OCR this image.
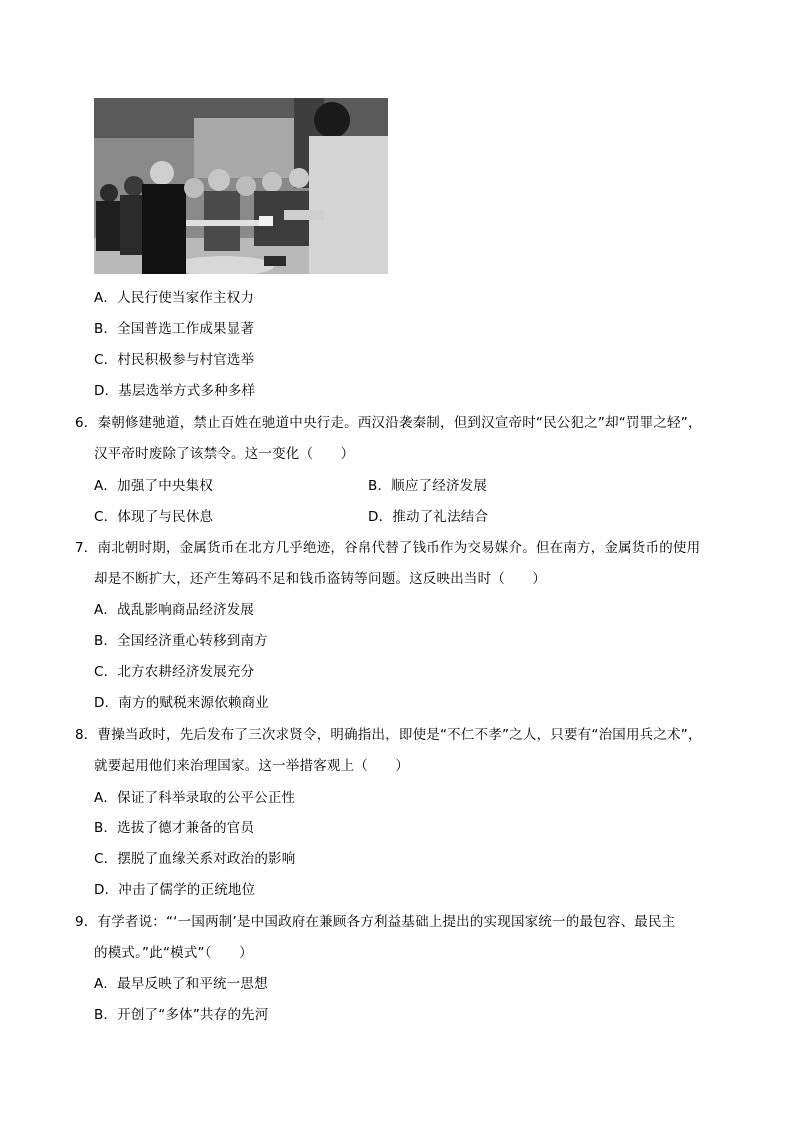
A．人民行使当家作主权力
B．全国普选工作成果显著
C．村民积极参与村官选举
D．基层选举方式多种多样
6．秦朝修建驰道，禁止百姓在驰道中央行走。西汉沿袭秦制，但到汉宣帝时“民公犯之”却“罚罪之轻”，
汉平帝时废除了该禁令。这一变化（　　）
A．加强了中央集权	B．顺应了经济发展
C．体现了与民休息	D．推动了礼法结合
7．南北朝时期，金属货币在北方几乎绝迹，谷帛代替了钱币作为交易媒介。但在南方，金属货币的使用
却是不断扩大，还产生筹码不足和钱币盗铸等问题。这反映出当时（　　）
A．战乱影响商品经济发展
B．全国经济重心转移到南方
C．北方农耕经济发展充分
D．南方的赋税来源依赖商业
8．曹操当政时，先后发布了三次求贤令，明确指出，即使是“不仁不孝”之人，只要有“治国用兵之术”，
就要起用他们来治理国家。这一举措客观上（　　）
A．保证了科举录取的公平公正性
B．选拔了德才兼备的官员
C．摆脱了血缘关系对政治的影响
D．冲击了儒学的正统地位
9．有学者说：“‘一国两制’是中国政府在兼顾各方利益基础上提出的实现国家统一的最包容、最民主
的模式。”此“模式”（　　）
A．最早反映了和平统一思想
B．开创了“多体”共存的先河
